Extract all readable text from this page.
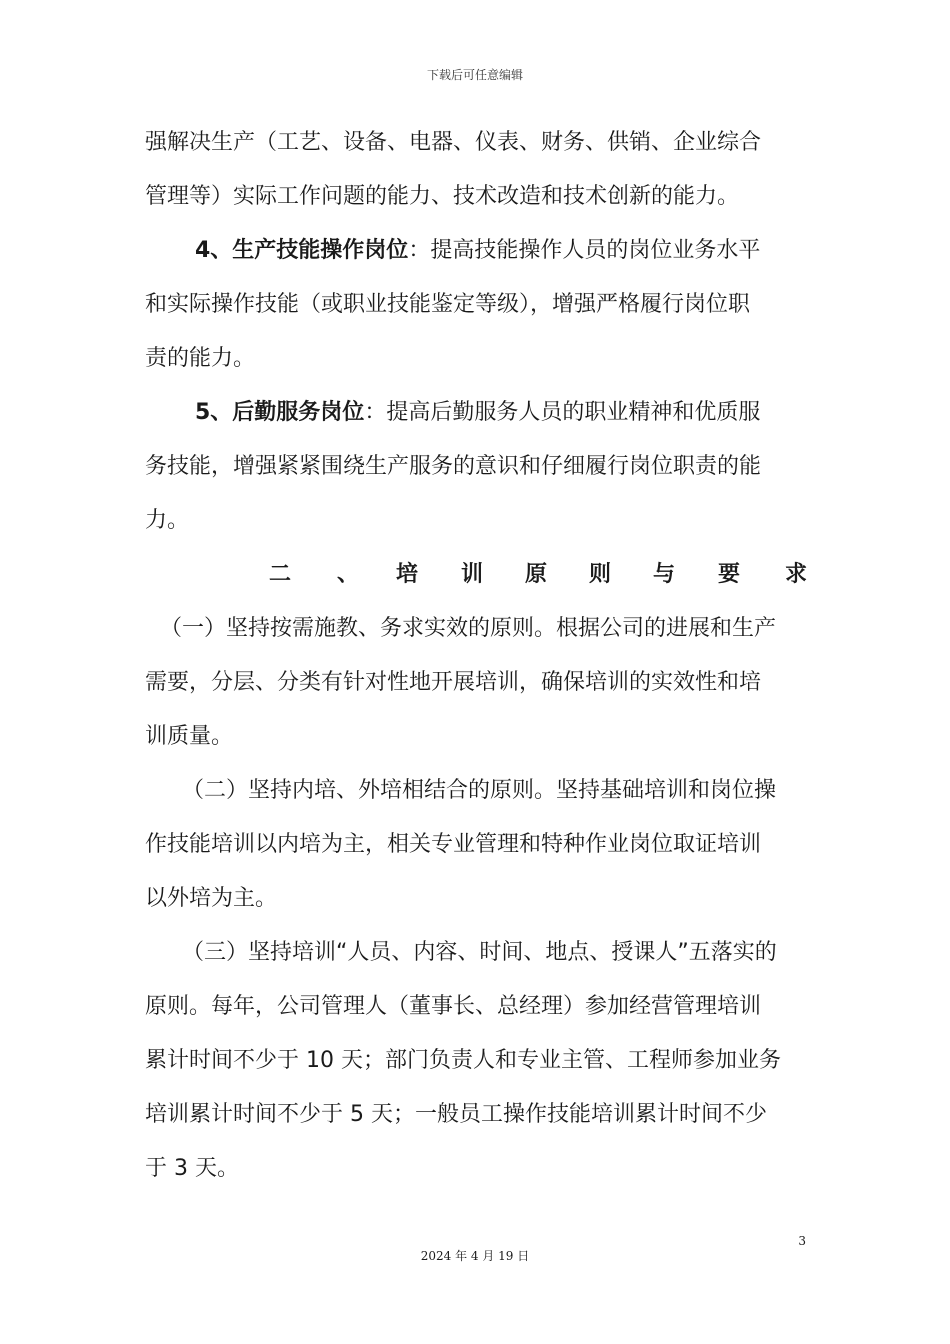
下载后可任意编辑
强解决生产（工艺、设备、电器、仪表、财务、供销、企业综合
管理等）实际工作问题的能力、技术改造和技术创新的能力。
4、生产技能操作岗位：提高技能操作人员的岗位业务水平
和实际操作技能（或职业技能鉴定等级），增强严格履行岗位职
责的能力。
5、后勤服务岗位：提高后勤服务人员的职业精神和优质服
务技能，增强紧紧围绕生产服务的意识和仔细履行岗位职责的能
力。
二 、 培 训 原 则 与 要 求
（一）坚持按需施教、务求实效的原则。根据公司的进展和生产
需要，分层、分类有针对性地开展培训，确保培训的实效性和培
训质量。
（二）坚持内培、外培相结合的原则。坚持基础培训和岗位操
作技能培训以内培为主，相关专业管理和特种作业岗位取证培训
以外培为主。
（三）坚持培训“人员、内容、时间、地点、授课人”五落实的
原则。每年，公司管理人（董事长、总经理）参加经营管理培训
累计时间不少于 10 天；部门负责人和专业主管、工程师参加业务
培训累计时间不少于 5 天；一般员工操作技能培训累计时间不少
于 3 天。
3
2024 年 4 月 19 日
